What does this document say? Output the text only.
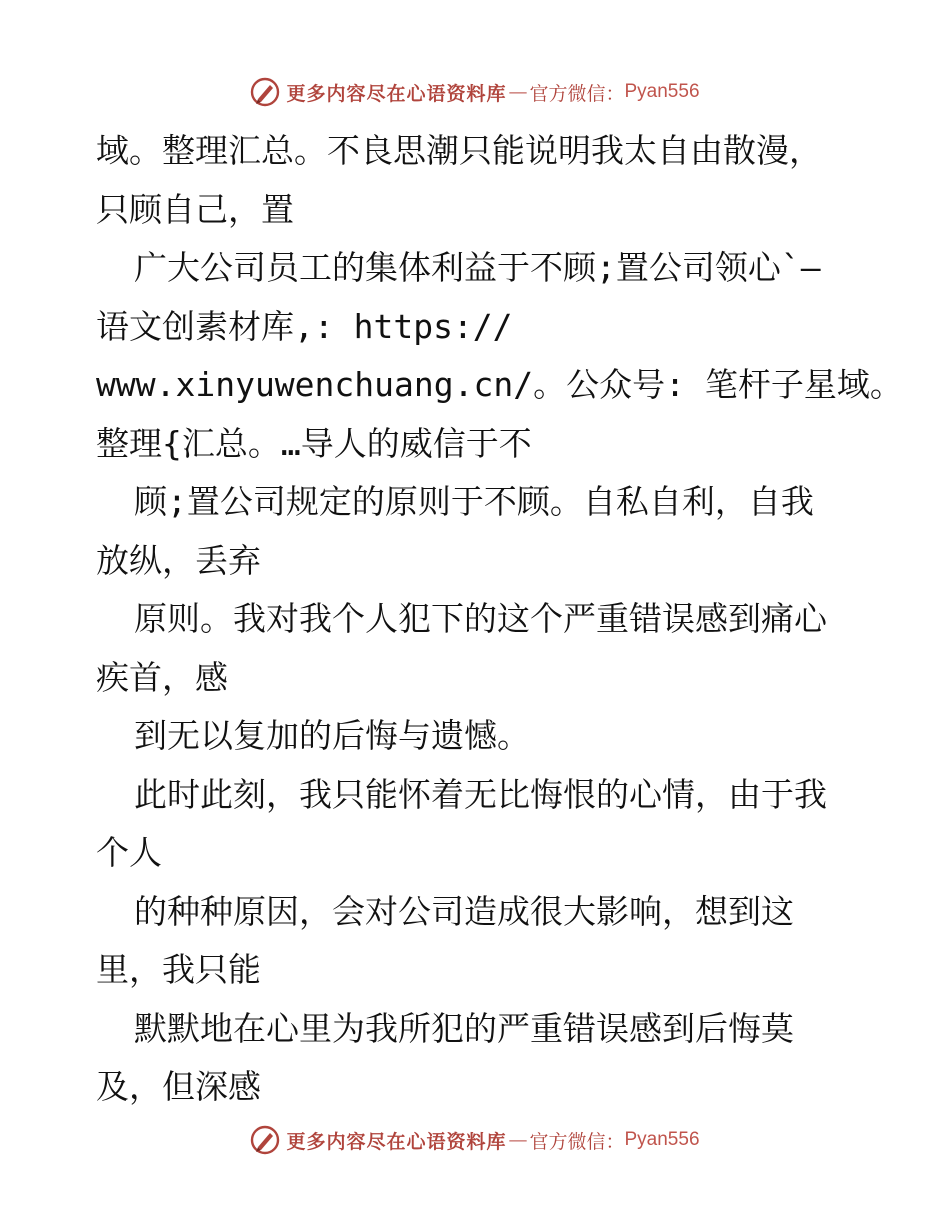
更多内容尽在心语资料库 — 官方微信： Pyan556
域。整理汇总。不良思潮只能说明我太自由散漫，
只顾自己，置
广大公司员工的集体利益于不顾;置公司领心`—
语文创素材库,: https://
www.xinyuwenchuang.cn/。公众号: 笔杆子星域。
整理{汇总。…导人的威信于不
顾;置公司规定的原则于不顾。自私自利，自我
放纵，丢弃
原则。我对我个人犯下的这个严重错误感到痛心
疾首，感
到无以复加的后悔与遗憾。
此时此刻，我只能怀着无比悔恨的心情，由于我
个人
的种种原因，会对公司造成很大影响，想到这
里，我只能
默默地在心里为我所犯的严重错误感到后悔莫
及，但深感
更多内容尽在心语资料库 — 官方微信： Pyan556
